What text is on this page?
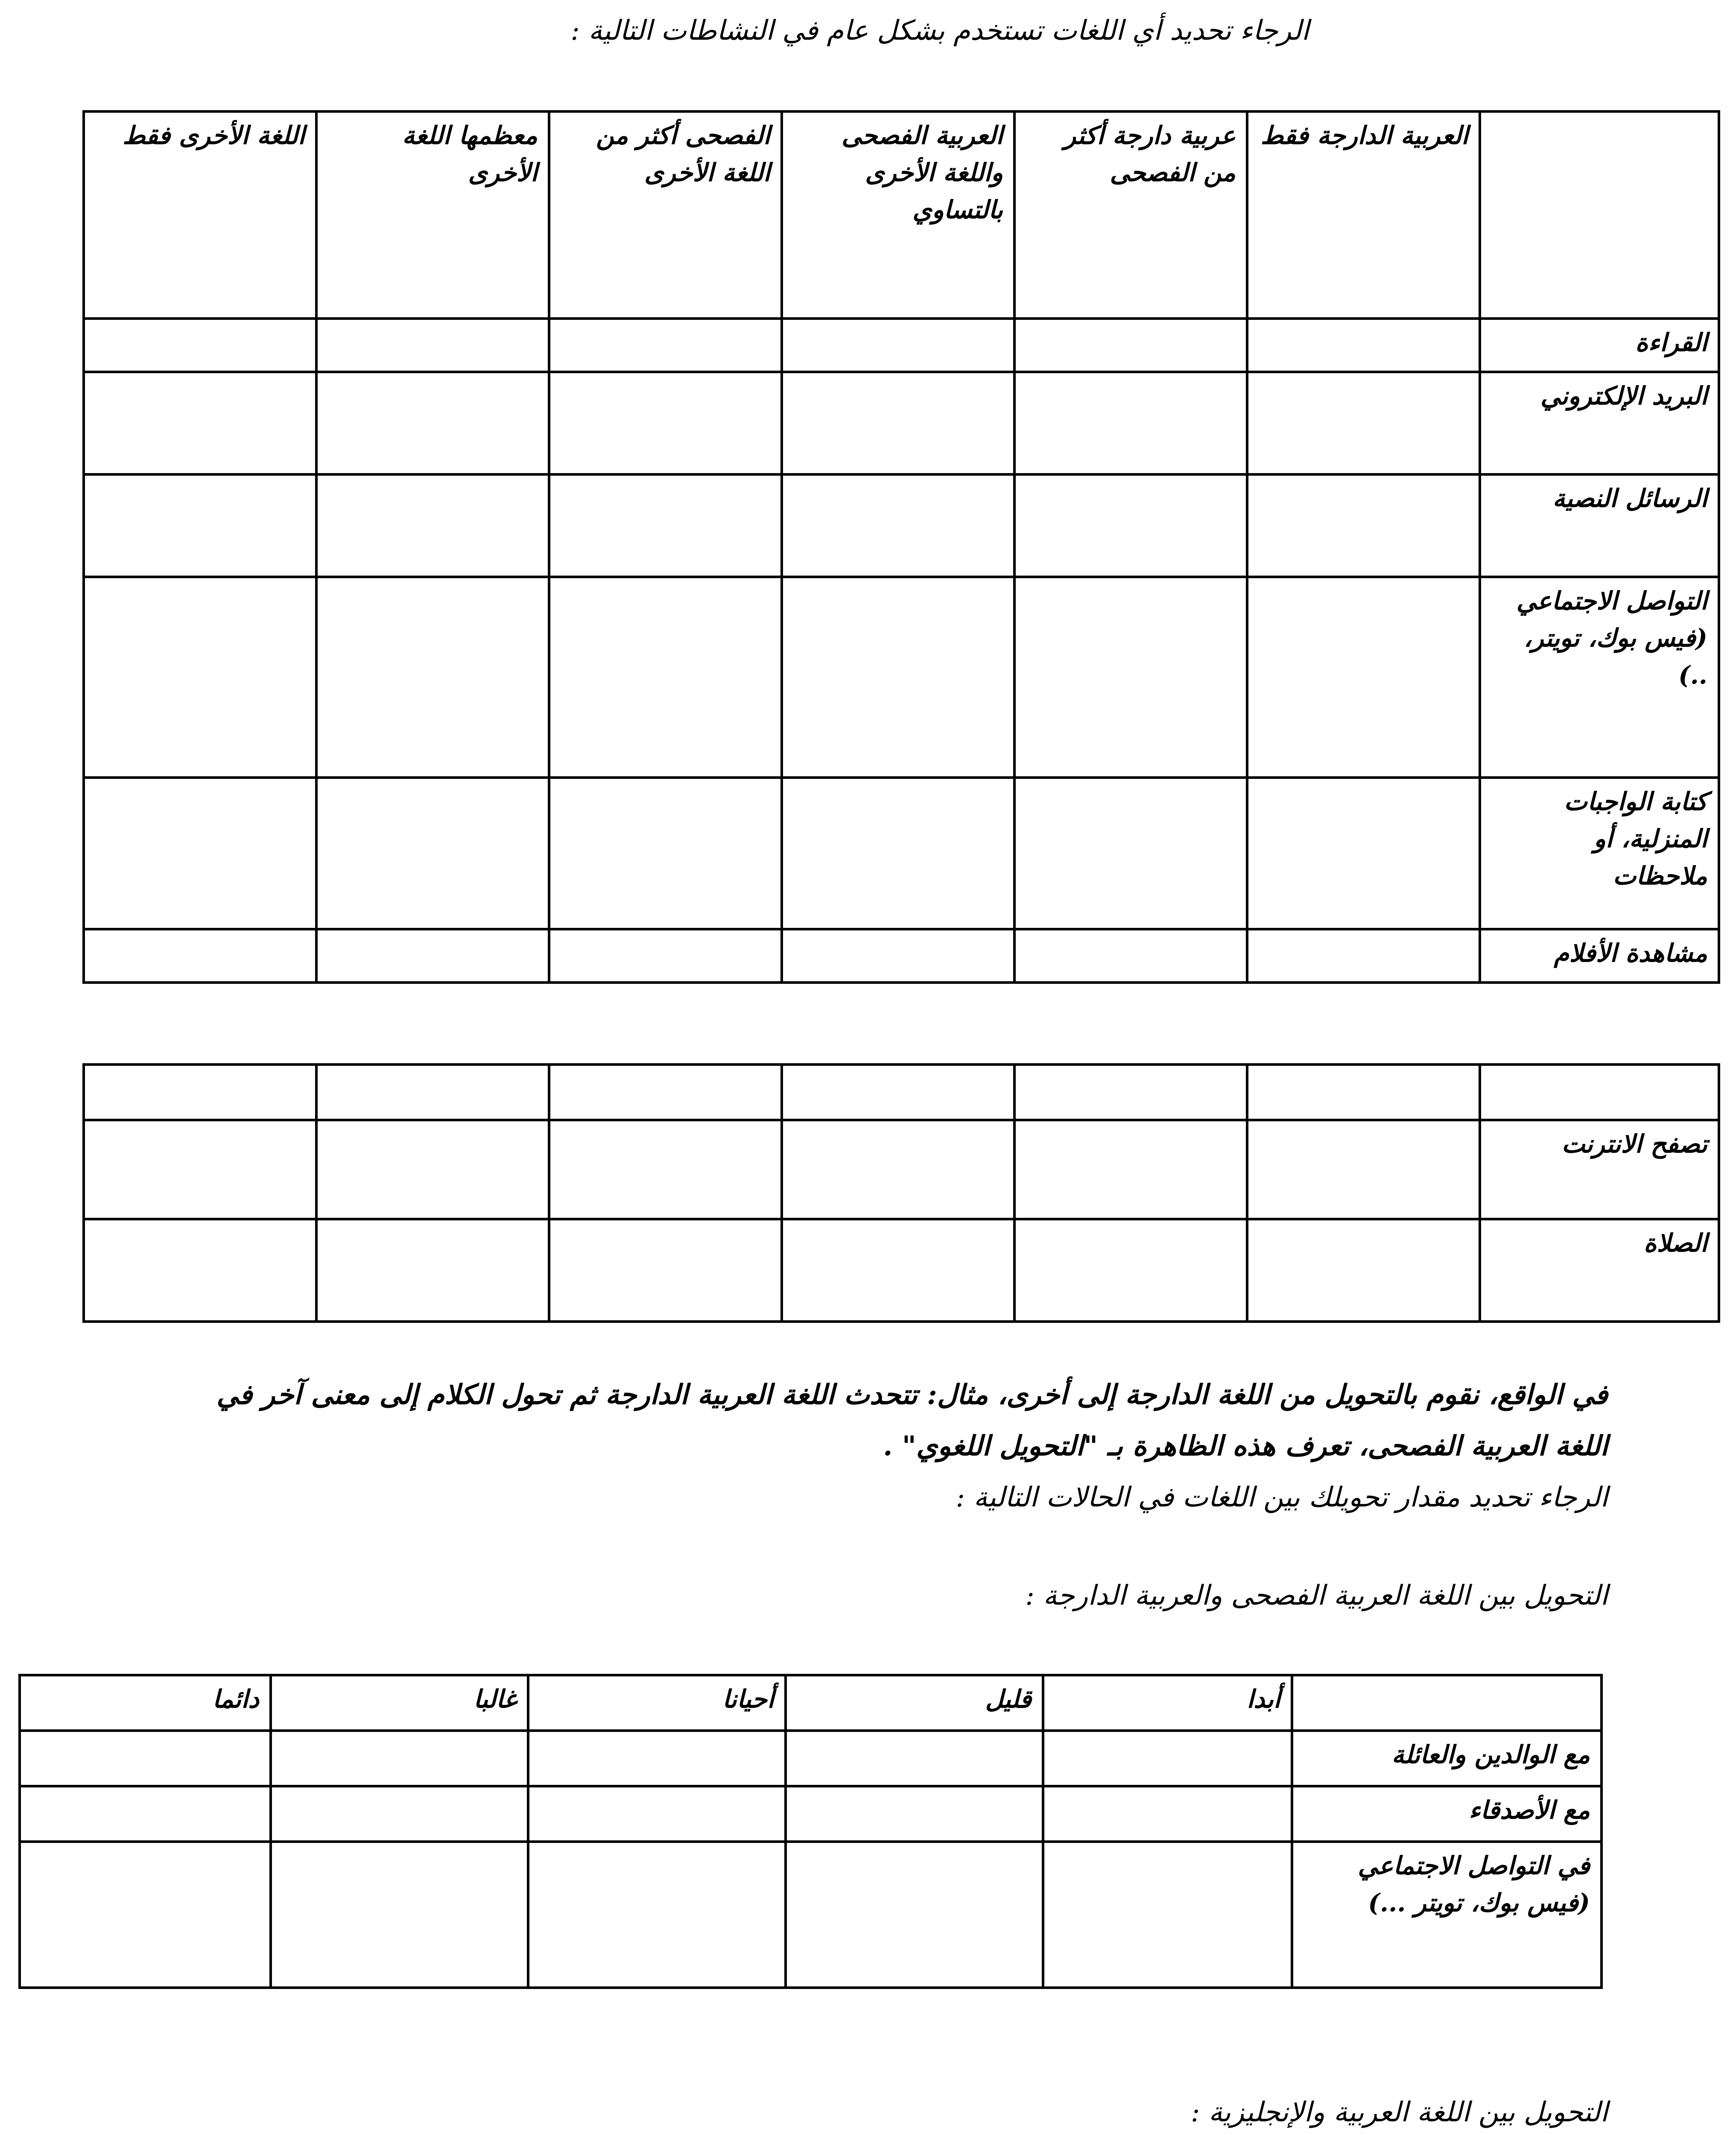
الرجاء تحديد أي اللغات تستخدم بشكل عام في النشاطات التالية :
	العربية الدارجة فقط	عربية دارجة أكثر من الفصحى	العربية الفصحى واللغة الأخرى بالتساوي	الفصحى أكثر من اللغة الأخرى	معظمها اللغة الأخرى	اللغة الأخرى فقط
القراءة						
البريد الإلكتروني						
الرسائل النصية						
التواصل الاجتماعي (فيس بوك، تويتر، ..)						
كتابة الواجبات المنزلية، أو ملاحظات						
مشاهدة الأفلام						

تصفح الانترنت						
الصلاة						
في الواقع، نقوم بالتحويل من اللغة الدارجة إلى أخرى، مثال: تتحدث اللغة العربية الدارجة ثم تحول الكلام إلى معنى آخر في
اللغة العربية الفصحى، تعرف هذه الظاهرة بـ "التحويل اللغوي" .
الرجاء تحديد مقدار تحويلك بين اللغات في الحالات التالية :
التحويل بين اللغة العربية الفصحى والعربية الدارجة :
	أبدا	قليل	أحيانا	غالبا	دائما
مع الوالدين والعائلة					
مع الأصدقاء					
في التواصل الاجتماعي (فيس بوك، تويتر ...)					
التحويل بين اللغة العربية والإنجليزية :
